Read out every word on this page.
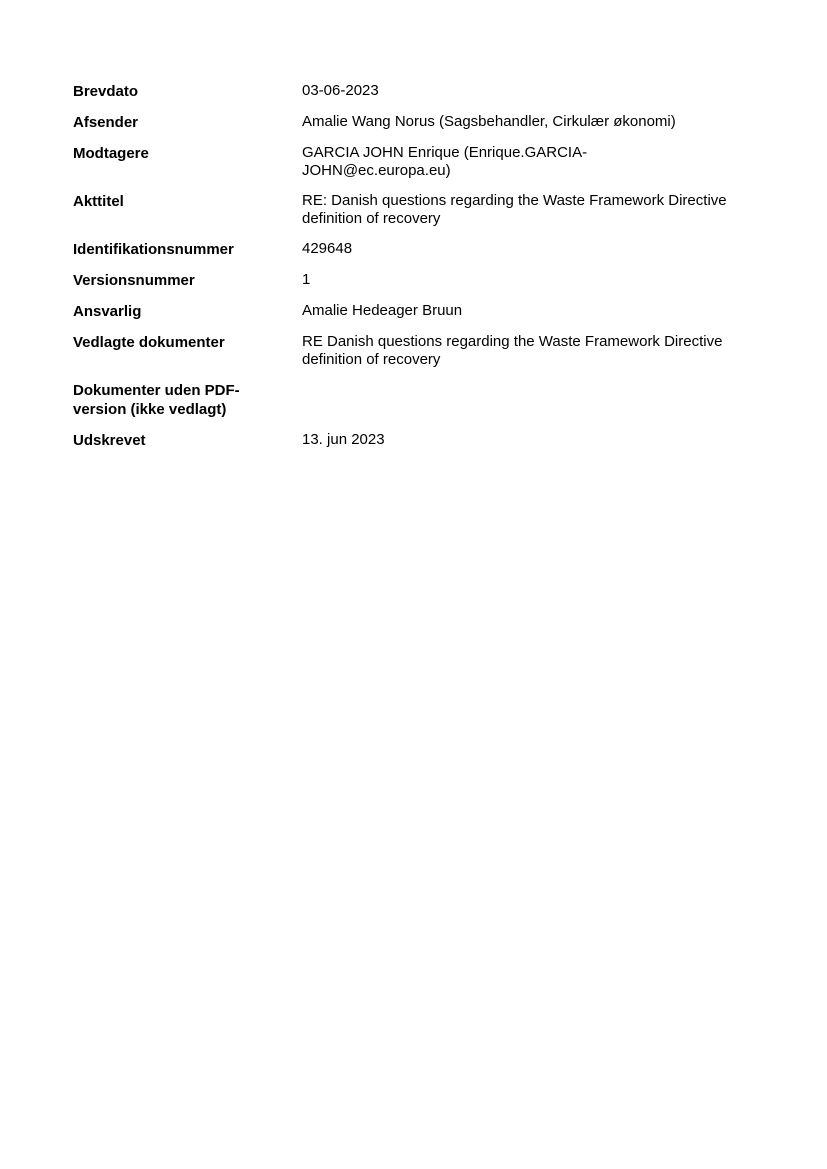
Brevdato	03-06-2023
Afsender	Amalie Wang Norus (Sagsbehandler, Cirkulær økonomi)
Modtagere	GARCIA JOHN Enrique (Enrique.GARCIA-
JOHN@ec.europa.eu)
Akttitel	RE: Danish questions regarding the Waste Framework Directive
definition of recovery
Identifikationsnummer	429648
Versionsnummer	1
Ansvarlig	Amalie Hedeager Bruun
Vedlagte dokumenter	RE Danish questions regarding the Waste Framework Directive
definition of recovery
Dokumenter uden PDF-
version (ikke vedlagt)
Udskrevet	13. jun 2023
